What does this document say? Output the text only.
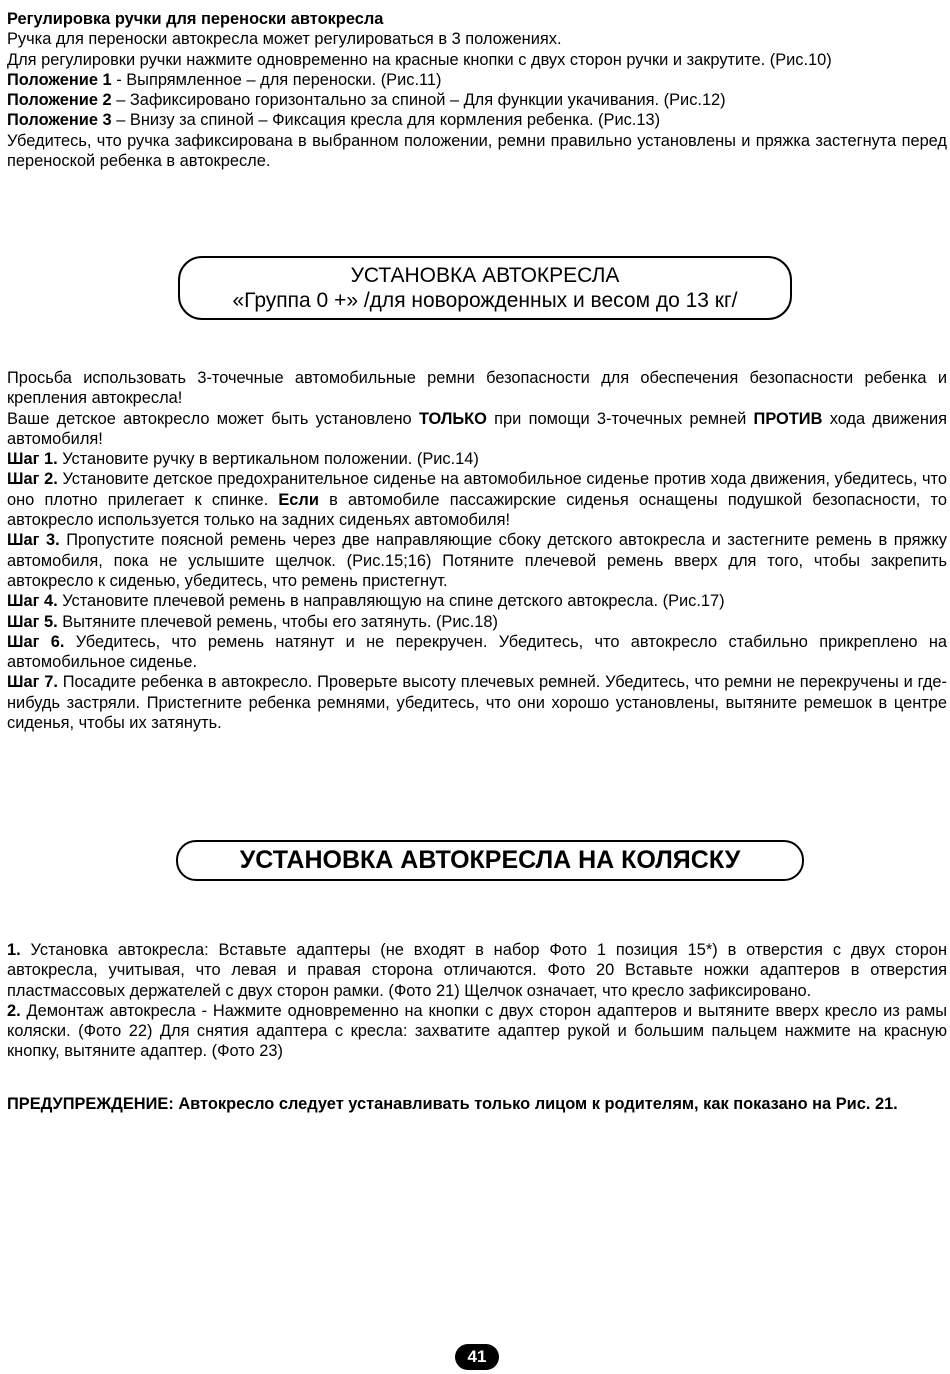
Регулировка ручки для переноски автокресла

Ручка для переноски автокресла может регулироваться в 3 положениях.

Для регулировки ручки нажмите одновременно на красные кнопки с двух сторон ручки и закрутите. (Рис.10)

Положение 1 - Выпрямленное – для переноски. (Рис.11)

Положение 2 – Зафиксировано горизонтально за спиной – Для функции укачивания. (Рис.12)

Положение 3 – Внизу за спиной – Фиксация кресла для кормления ребенка. (Рис.13)

Убедитесь, что ручка зафиксирована в выбранном положении, ремни правильно установлены и пряжка застегнута перед переноской ребенка в автокресле.

УСТАНОВКА АВТОКРЕСЛА
«Группа 0 +» /для новорожденных и весом до 13 кг/

Просьба использовать 3-точечные автомобильные ремни безопасности для обеспечения безопасности ребенка и крепления автокресла!

Ваше детское автокресло может быть установлено ТОЛЬКО при помощи 3-точечных ремней ПРОТИВ хода движения автомобиля!

Шаг 1. Установите ручку в вертикальном положении. (Рис.14)

Шаг 2. Установите детское предохранительное сиденье на автомобильное сиденье против хода движения, убедитесь, что оно плотно прилегает к спинке. Если в автомобиле пассажирские сиденья оснащены подушкой безопасности, то автокресло используется только на задних сиденьях автомобиля!

Шаг 3. Пропустите поясной ремень через две направляющие сбоку детского автокресла и застегните ремень в пряжку автомобиля, пока не услышите щелчок. (Рис.15;16) Потяните плечевой ремень вверх для того, чтобы закрепить автокресло к сиденью, убедитесь, что ремень пристегнут.

Шаг 4. Установите плечевой ремень в направляющую на спине детского автокресла. (Рис.17)

Шаг 5. Вытяните плечевой ремень, чтобы его затянуть. (Рис.18)

Шаг 6. Убедитесь, что ремень натянут и не перекручен. Убедитесь, что автокресло стабильно прикреплено на автомобильное сиденье.

Шаг 7. Посадите ребенка в автокресло. Проверьте высоту плечевых ремней. Убедитесь, что ремни не перекручены и где-нибудь застряли. Пристегните ребенка ремнями, убедитесь, что они хорошо установлены, вытяните ремешок в центре сиденья, чтобы их затянуть.

УСТАНОВКА АВТОКРЕСЛА НА КОЛЯСКУ

1. Установка автокресла: Вставьте адаптеры (не входят в набор Фото 1 позиция 15*) в отверстия с двух сторон автокресла, учитывая, что левая и правая сторона отличаются. Фото 20 Вставьте ножки адаптеров в отверстия пластмассовых держателей с двух сторон рамки. (Фото 21) Щелчок означает, что кресло зафиксировано.

2. Демонтаж автокресла - Нажмите одновременно на кнопки с двух сторон адаптеров и вытяните вверх кресло из рамы коляски. (Фото 22) Для снятия адаптера с кресла: захватите адаптер рукой и большим пальцем нажмите на красную кнопку, вытяните адаптер. (Фото 23)

ПРЕДУПРЕЖДЕНИЕ: Автокресло следует устанавливать только лицом к родителям, как показано на Рис. 21.
41
